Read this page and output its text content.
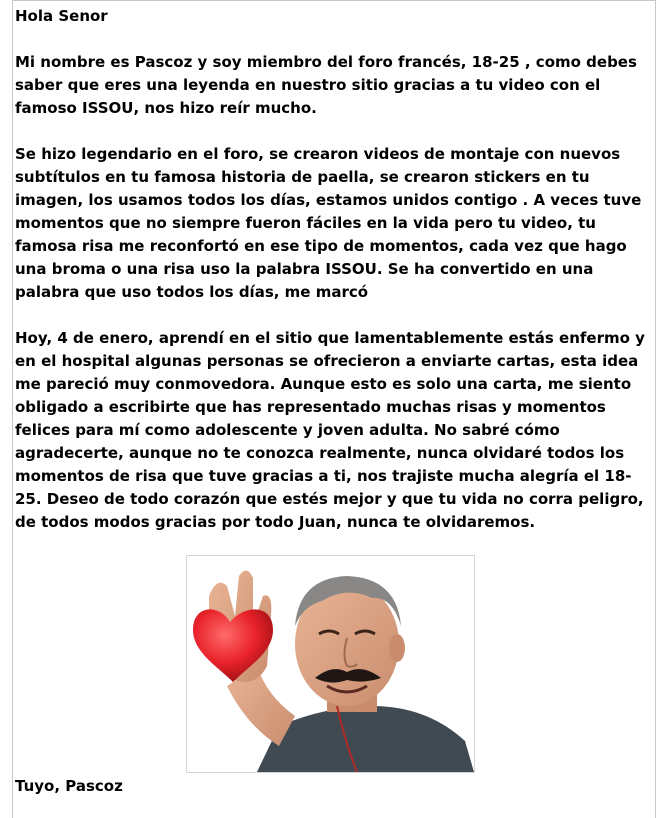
Hola Senor

Mi nombre es Pascoz y soy miembro del foro francés, 18-25 , como debes saber que eres una leyenda en nuestro sitio gracias a tu video con el famoso ISSOU, nos hizo reír mucho.

Se hizo legendario en el foro, se crearon videos de montaje con nuevos subtítulos en tu famosa historia de paella, se crearon stickers en tu imagen, los usamos todos los días, estamos unidos contigo . A veces tuve momentos que no siempre fueron fáciles en la vida pero tu video, tu famosa risa me reconfortó en ese tipo de momentos, cada vez que hago una broma o una risa uso la palabra ISSOU. Se ha convertido en una palabra que uso todos los días, me marcó

Hoy, 4 de enero, aprendí en el sitio que lamentablemente estás enfermo y en el hospital algunas personas se ofrecieron a enviarte cartas, esta idea me pareció muy conmovedora. Aunque esto es solo una carta, me siento obligado a escribirte que has representado muchas risas y momentos felices para mí como adolescente y joven adulta. No sabré cómo agradecerte, aunque no te conozca realmente, nunca olvidaré todos los momentos de risa que tuve gracias a ti, nos trajiste mucha alegría el 18-25. Deseo de todo corazón que estés mejor y que tu vida no corra peligro, de todos modos gracias por todo Juan, nunca te olvidaremos.

Tuyo, Pascoz
